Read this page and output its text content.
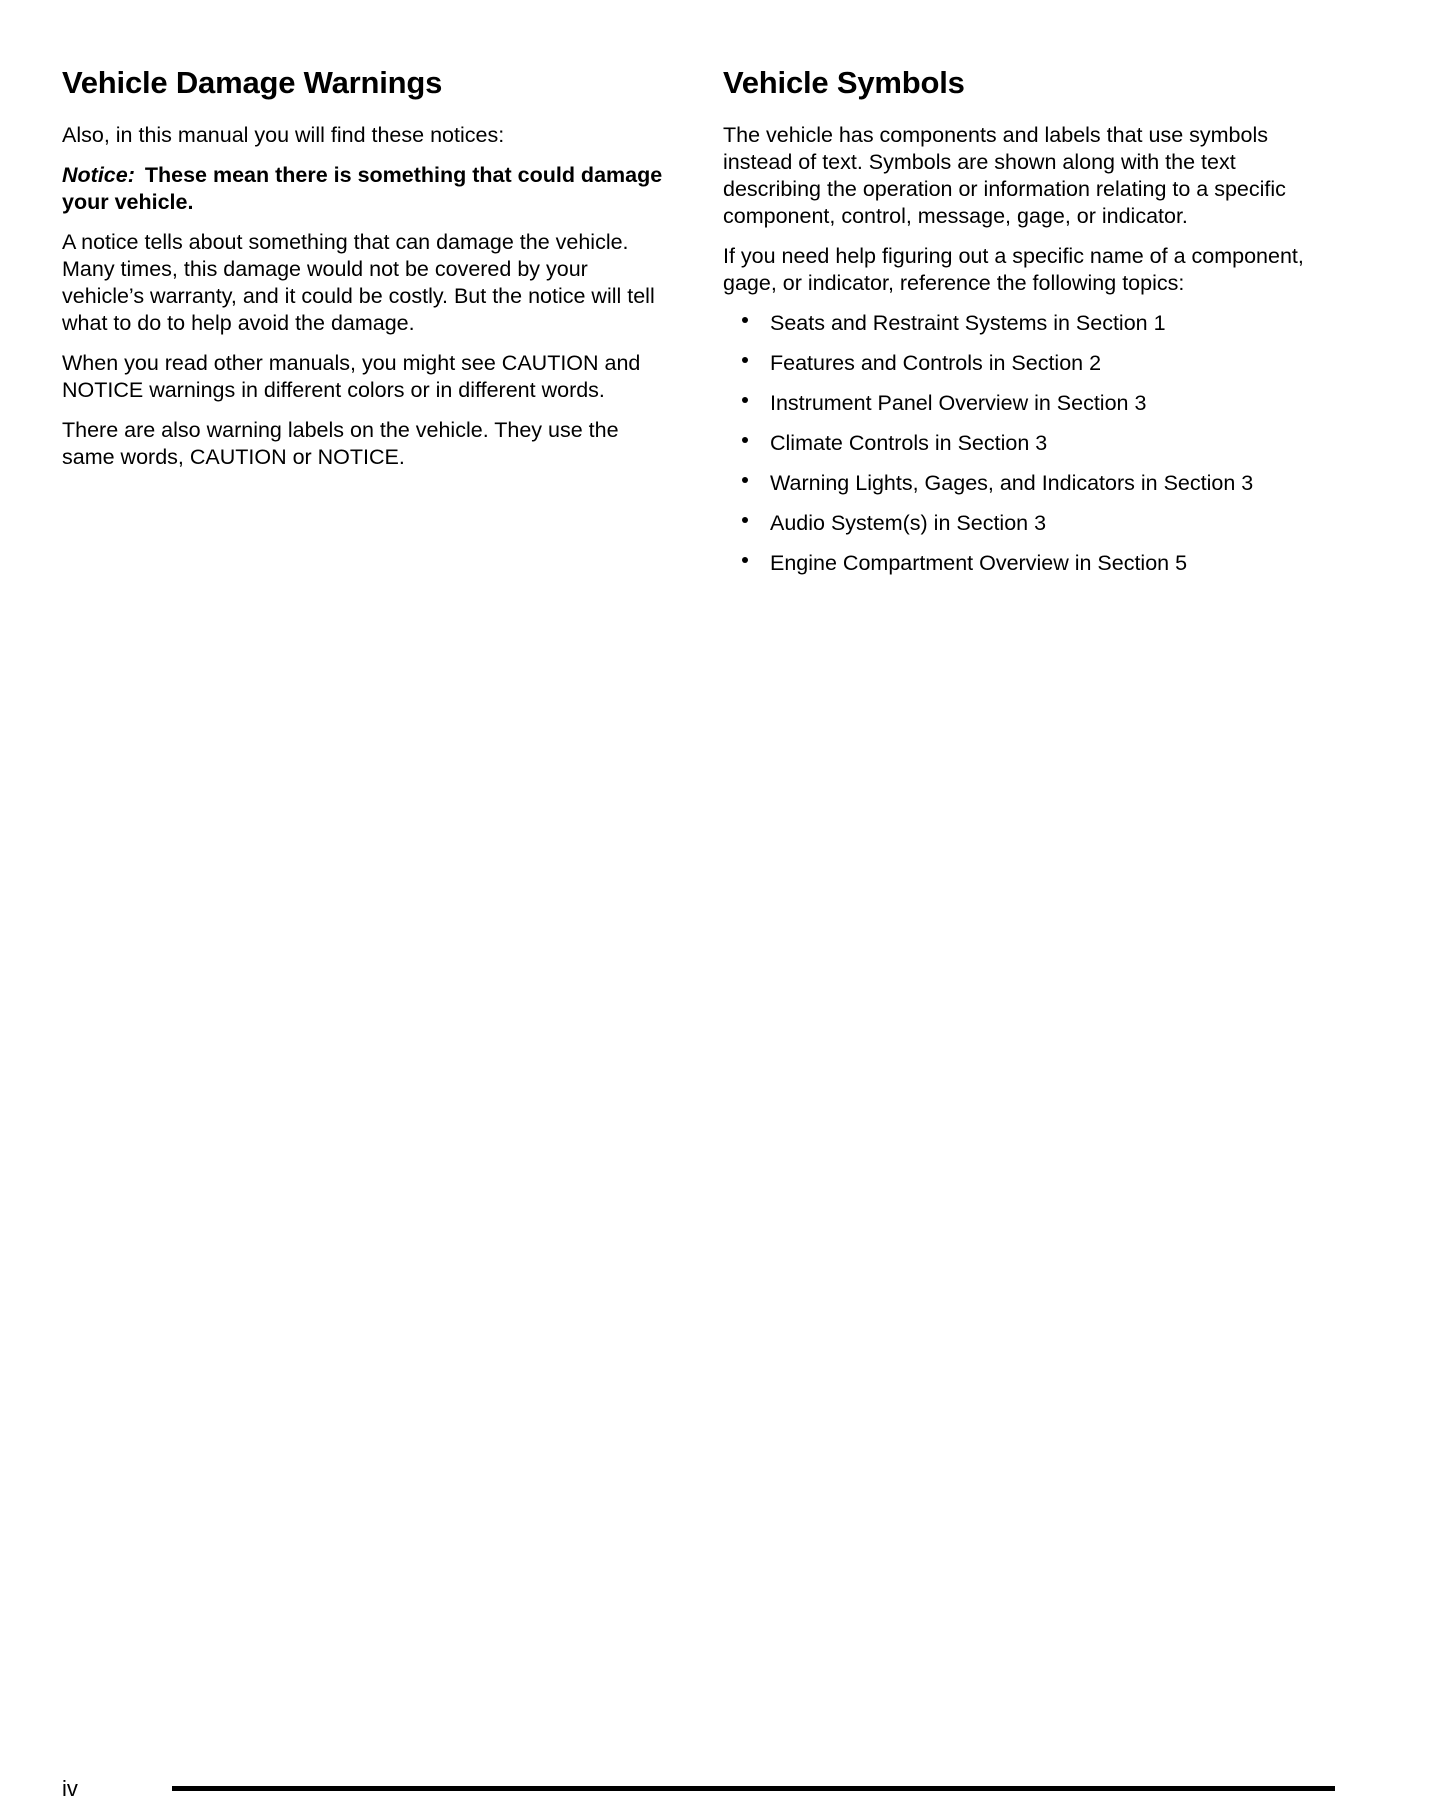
Vehicle Damage Warnings

Also, in this manual you will find these notices:

Notice: These mean there is something that could damage your vehicle.

A notice tells about something that can damage the vehicle. Many times, this damage would not be covered by your vehicle’s warranty, and it could be costly. But the notice will tell what to do to help avoid the damage.

When you read other manuals, you might see CAUTION and NOTICE warnings in different colors or in different words.

There are also warning labels on the vehicle. They use the same words, CAUTION or NOTICE.

Vehicle Symbols

The vehicle has components and labels that use symbols instead of text. Symbols are shown along with the text describing the operation or information relating to a specific component, control, message, gage, or indicator.

If you need help figuring out a specific name of a component, gage, or indicator, reference the following topics:

Seats and Restraint Systems in Section 1
Features and Controls in Section 2
Instrument Panel Overview in Section 3
Climate Controls in Section 3
Warning Lights, Gages, and Indicators in Section 3
Audio System(s) in Section 3
Engine Compartment Overview in Section 5
iv
